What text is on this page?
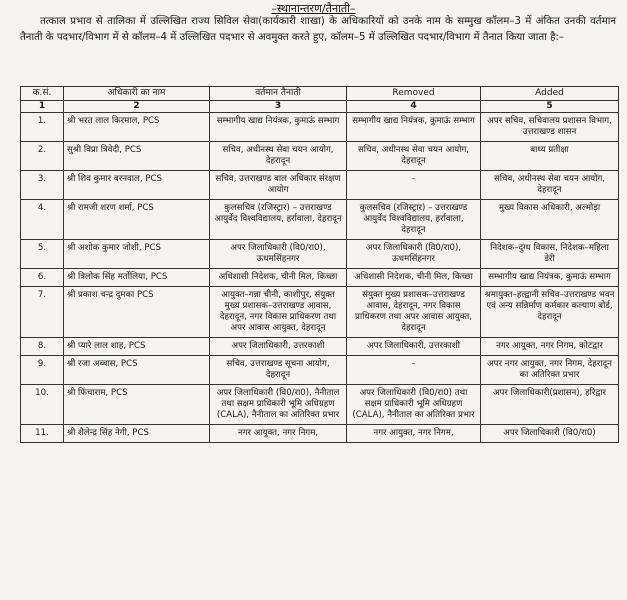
–स्थानान्तरण/तैनाती–

तत्काल प्रभाव से तालिका में उल्लिखित राज्य सिविल सेवा(कार्यकारी शाखा) के अधिकारियों को उनके नाम के सम्मुख कॉलम–3 में अंकित उनकी वर्तमान तैनाती के पदभार/विभाग में से कॉलम–4 में उल्लिखित पदभार से अवमुक्त करते हुए, कॉलम–5 में उल्लिखित पदभार/विभाग में तैनात किया जाता है:–

क.सं.	अधिकारी का नाम	वर्तमान तैनाती	Removed	Added
1	2	3	4	5
1.	श्री भरत लाल किरमाल, PCS	सम्भागीय खाद्य नियंत्रक, कुमाऊं सम्भाग	सम्भागीय खाद्य नियंत्रक, कुमाऊं सम्भाग	अपर सचिव, सचिवालय प्रशासन विभाग, उत्तराखण्ड शासन
2.	सुश्री विप्रा त्रिवेदी, PCS	सचिव, अधीनस्थ सेवा चयन आयोग, देहरादून	सचिव, अधीनस्थ सेवा चयन आयोग, देहरादून	बाध्य प्रतीक्षा
3.	श्री शिव कुमार बरनवाल, PCS	सचिव, उत्तराखण्ड बाल अधिकार संरक्षण आयोग	–	सचिव, अधीनस्थ सेवा चयन आयोग, देहरादून
4.	श्री रामजी शरण शर्मा, PCS	कुलसचिव (रजिस्ट्रार) – उत्तराखण्ड आयुर्वेद विश्वविद्यालय, हर्रावाला, देहरादून	कुलसचिव (रजिस्ट्रार) – उत्तराखण्ड आयुर्वेद विश्वविद्यालय, हर्रावाला, देहरादून	मुख्य विकास अधिकारी, अल्मोड़ा
5.	श्री अशोक कुमार जोशी, PCS	अपर जिलाधिकारी (वि0/रा0), ऊधमसिंहनगर	अपर जिलाधिकारी (वि0/रा0), ऊधमसिंहनगर	निदेशक–दुग्ध विकास, निदेशक–महिला डेरी
6.	श्री त्रिलोक सिंह मर्तोलिया, PCS	अधिशासी निदेशक, चीनी मिल, किच्छा	अधिशासी निदेशक, चीनी मिल, किच्छा	सम्भागीय खाद्य नियंत्रक, कुमाऊं सम्भाग
7.	श्री प्रकाश चन्द्र दुमका PCS	आयुक्त–गन्ना चीनी, काशीपुर, संयुक्त मुख्य प्रशासक–उत्तराखण्ड आवास, देहरादून, नगर विकास प्राधिकरण तथा अपर आवास आयुक्त, देहरादून	संयुक्त मुख्य प्रशासक–उत्तराखण्ड आवास, देहरादून, नगर विकास प्राधिकरण तथा अपर आवास आयुक्त, देहरादून	श्रमायुक्त–हल्द्वानी सचिव–उत्तराखण्ड भवन एवं अन्य सन्निर्माण कर्मकार कल्याण बोर्ड, देहरादून
8.	श्री प्यारे लाल शाह, PCS	अपर जिलाधिकारी, उत्तरकाशी	अपर जिलाधिकारी, उत्तरकाशी	नगर आयुक्त, नगर निगम, कोटद्वार
9.	श्री रजा अब्बास, PCS	सचिव, उत्तराखण्ड सूचना आयोग, देहरादून	–	अपर नगर आयुक्त, नगर निगम, देहरादून का अतिरिक्त प्रभार
10.	श्री फिंचाराम, PCS	अपर जिलाधिकारी (वि0/रा0), नैनीताल तथा सक्षम प्राधिकारी भूमि अधिग्रहण (CALA), नैनीताल का अतिरिक्त प्रभार	अपर जिलाधिकारी (वि0/रा0) तथा सक्षम प्राधिकारी भूमि अधिग्रहण (CALA), नैनीताल का अतिरिक्त प्रभार	अपर जिलाधिकारी(प्रशासन), हरिद्वार
11.	श्री शैलेन्द्र सिंह नेगी, PCS	नगर आयुक्त, नगर निगम,	नगर आयुक्त, नगर निगम,	अपर जिलाधिकारी (वि0/रा0)
